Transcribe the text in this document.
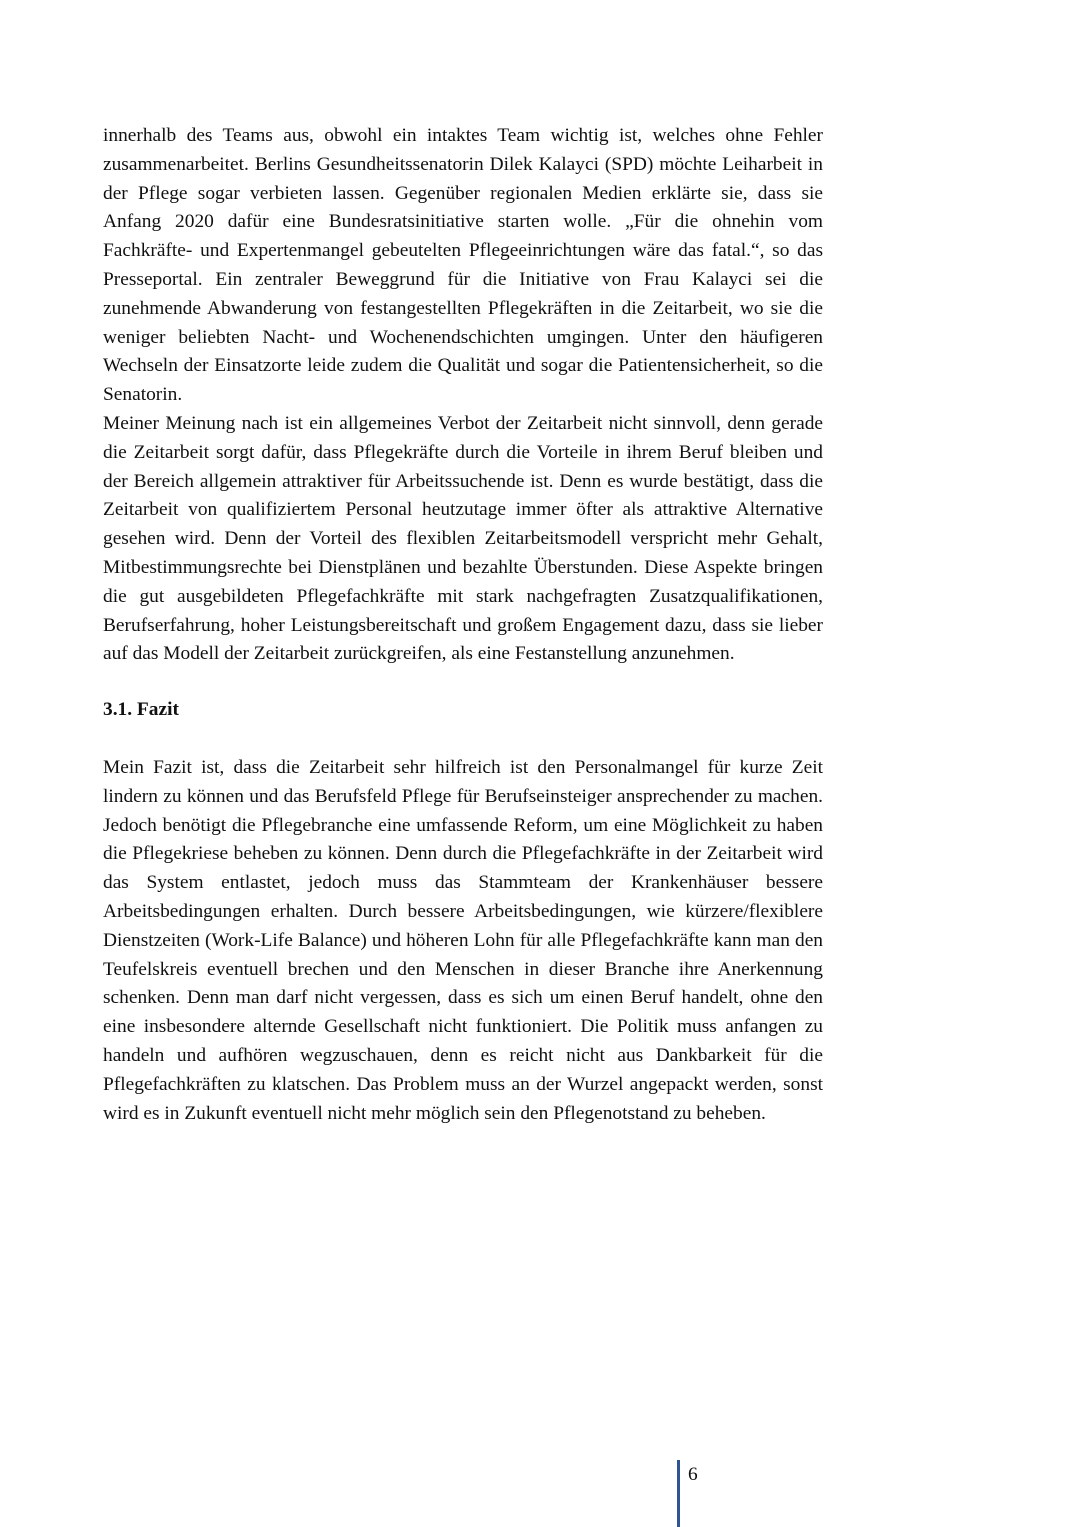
innerhalb des Teams aus, obwohl ein intaktes Team wichtig ist, welches ohne Fehler zusammenarbeitet. Berlins Gesundheitssenatorin Dilek Kalayci (SPD) möchte Leiharbeit in der Pflege sogar verbieten lassen. Gegenüber regionalen Medien erklärte sie, dass sie Anfang 2020 dafür eine Bundesratsinitiative starten wolle. „Für die ohnehin vom Fachkräfte- und Expertenmangel gebeutelten Pflegeeinrichtungen wäre das fatal.“, so das Presseportal. Ein zentraler Beweggrund für die Initiative von Frau Kalayci sei die zunehmende Abwanderung von festangestellten Pflegekräften in die Zeitarbeit, wo sie die weniger beliebten Nacht- und Wochenendschichten umgingen. Unter den häufigeren Wechseln der Einsatzorte leide zudem die Qualität und sogar die Patientensicherheit, so die Senatorin.

Meiner Meinung nach ist ein allgemeines Verbot der Zeitarbeit nicht sinnvoll, denn gerade die Zeitarbeit sorgt dafür, dass Pflegekräfte durch die Vorteile in ihrem Beruf bleiben und der Bereich allgemein attraktiver für Arbeitssuchende ist. Denn es wurde bestätigt, dass die Zeitarbeit von qualifiziertem Personal heutzutage immer öfter als attraktive Alternative gesehen wird. Denn der Vorteil des flexiblen Zeitarbeitsmodell verspricht mehr Gehalt, Mitbestimmungsrechte bei Dienstplänen und bezahlte Überstunden. Diese Aspekte bringen die gut ausgebildeten Pflegefachkräfte mit stark nachgefragten Zusatzqualifikationen, Berufserfahrung, hoher Leistungsbereitschaft und großem Engagement dazu, dass sie lieber auf das Modell der Zeitarbeit zurückgreifen, als eine Festanstellung anzunehmen.

3.1. Fazit

Mein Fazit ist, dass die Zeitarbeit sehr hilfreich ist den Personalmangel für kurze Zeit lindern zu können und das Berufsfeld Pflege für Berufseinsteiger ansprechender zu machen. Jedoch benötigt die Pflegebranche eine umfassende Reform, um eine Möglichkeit zu haben die Pflegekriese beheben zu können. Denn durch die Pflegefachkräfte in der Zeitarbeit wird das System entlastet, jedoch muss das Stammteam der Krankenhäuser bessere Arbeitsbedingungen erhalten. Durch bessere Arbeitsbedingungen, wie kürzere/flexiblere Dienstzeiten (Work-Life Balance) und höheren Lohn für alle Pflegefachkräfte kann man den Teufelskreis eventuell brechen und den Menschen in dieser Branche ihre Anerkennung schenken. Denn man darf nicht vergessen, dass es sich um einen Beruf handelt, ohne den eine insbesondere alternde Gesellschaft nicht funktioniert. Die Politik muss anfangen zu handeln und aufhören wegzuschauen, denn es reicht nicht aus Dankbarkeit für die Pflegefachkräften zu klatschen. Das Problem muss an der Wurzel angepackt werden, sonst wird es in Zukunft eventuell nicht mehr möglich sein den Pflegenotstand zu beheben.

6
